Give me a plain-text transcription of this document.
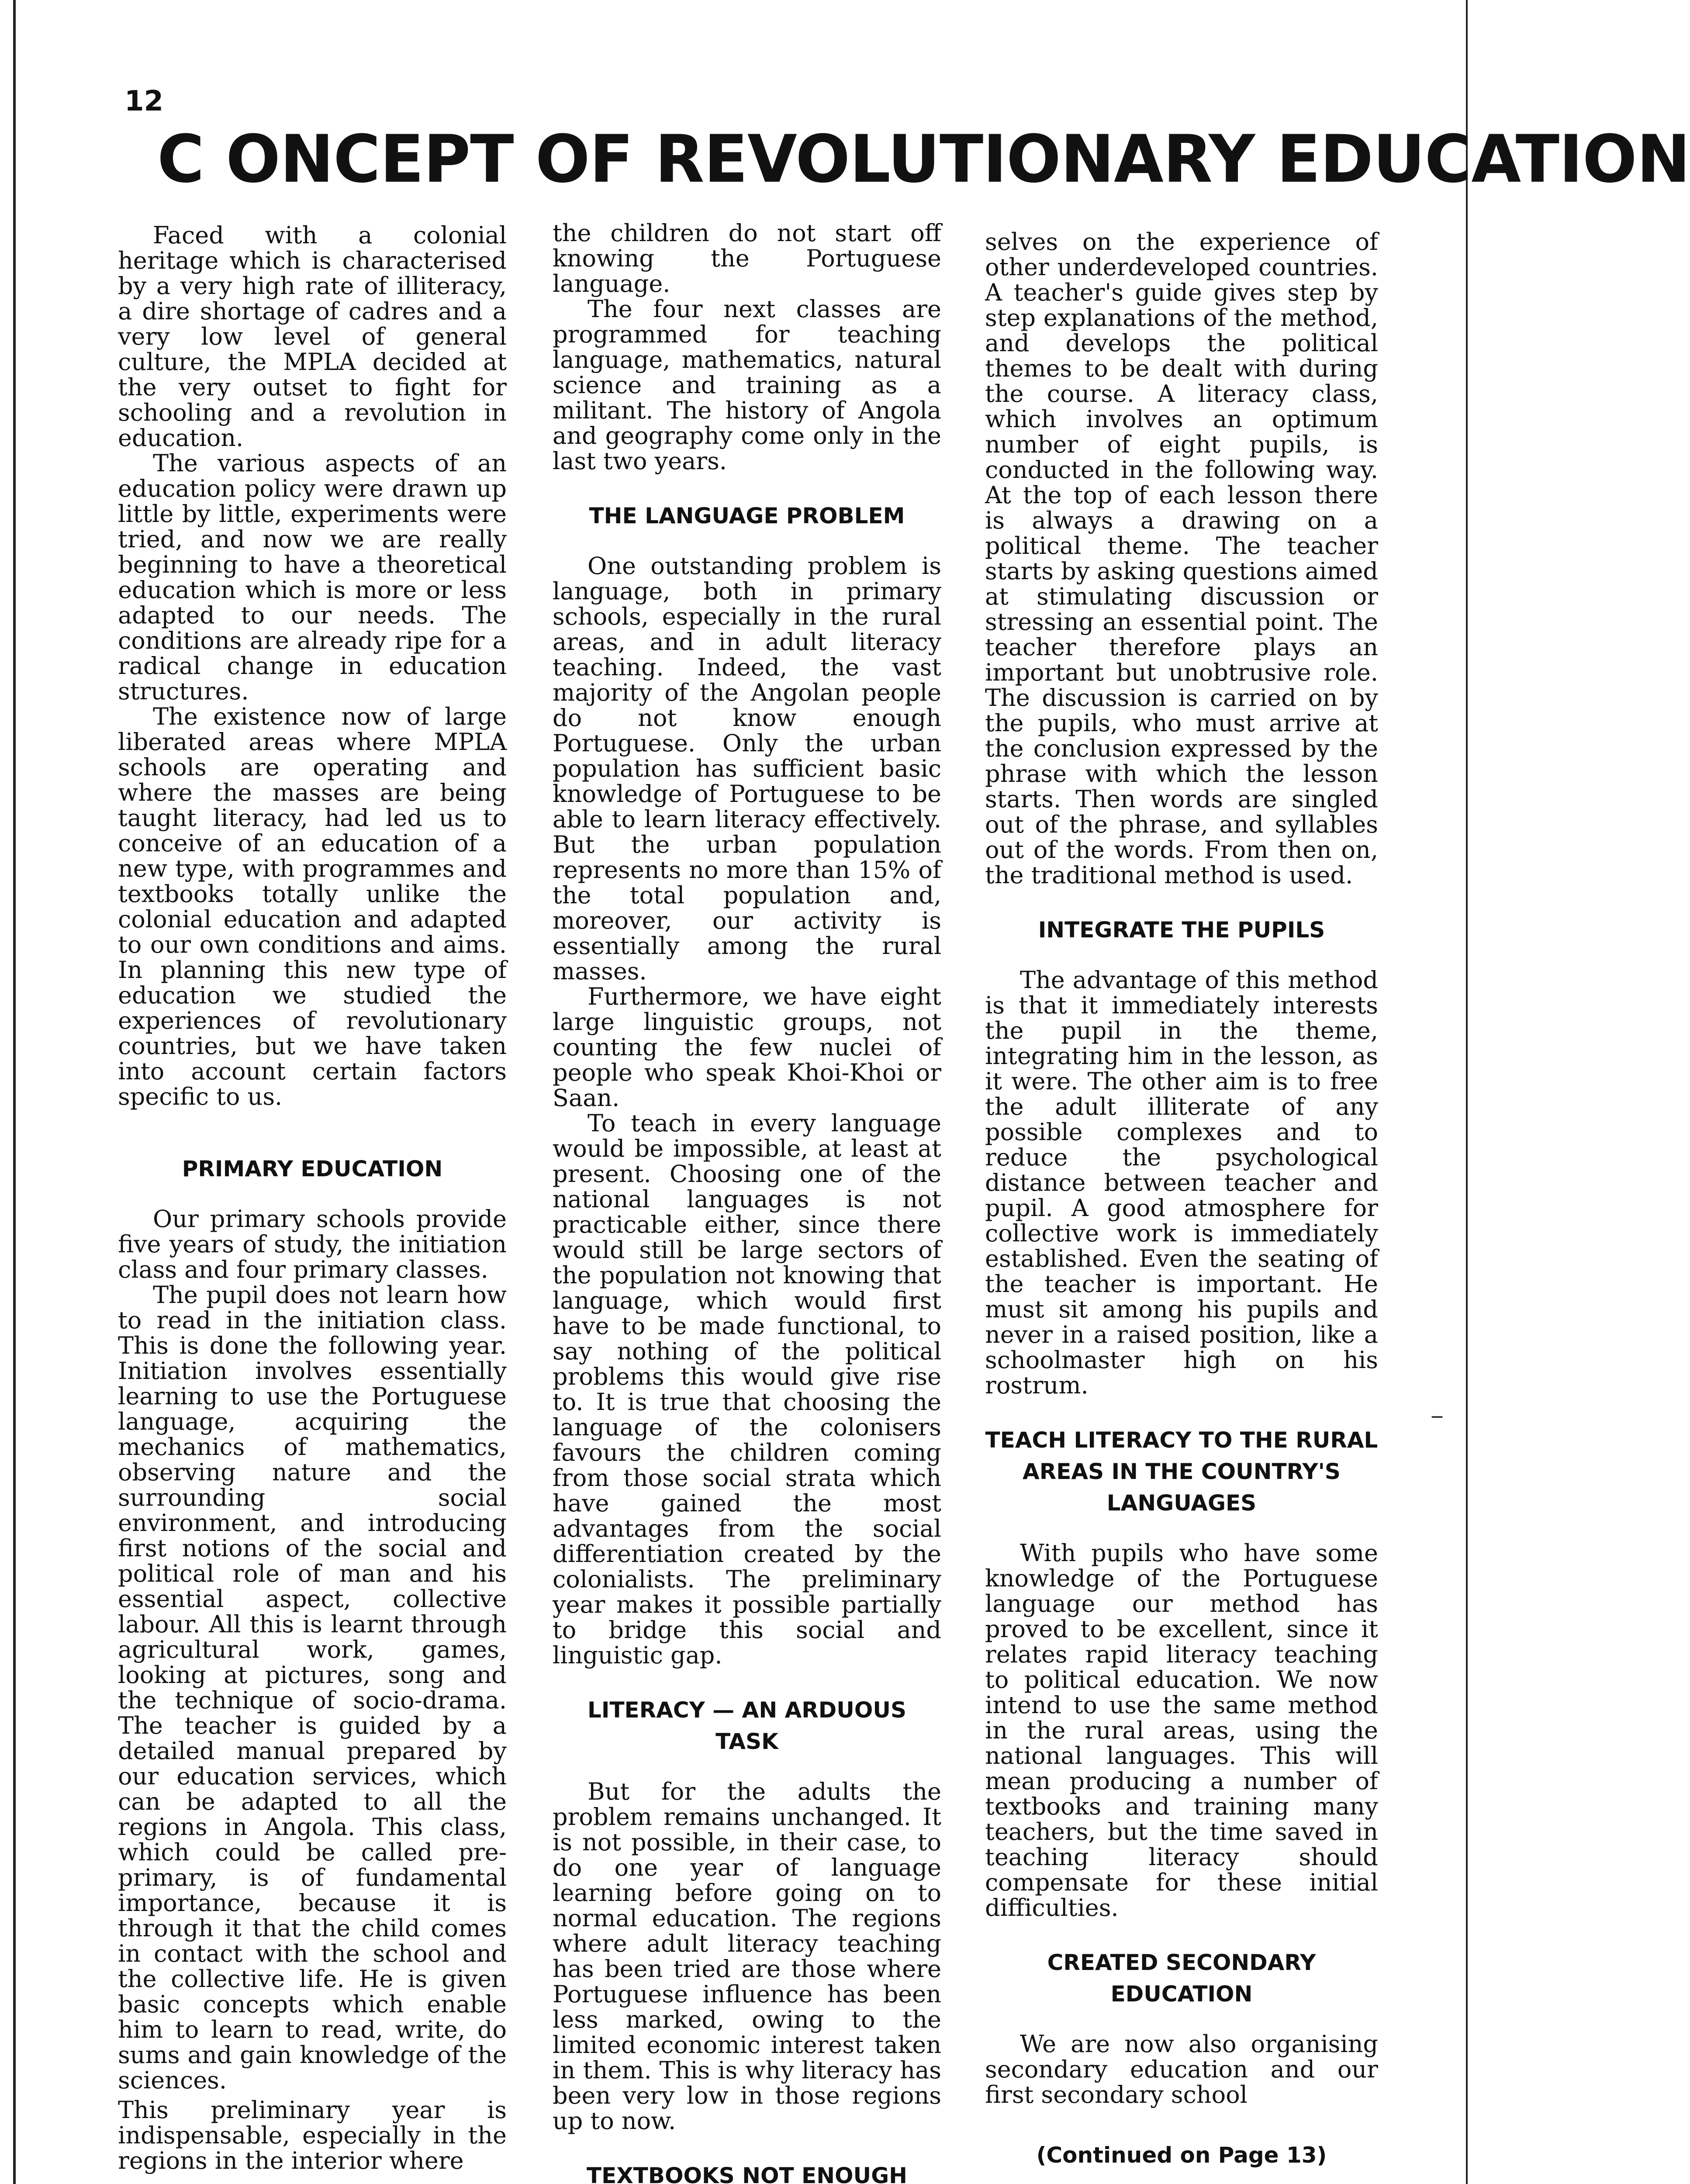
12
C ONCEPT OF REVOLUTIONARY EDUCATION

Faced with a colonial heritage which is characterised by a very high rate of illiteracy, a dire shortage of cadres and a very low level of general culture, the MPLA decided at the very outset to fight for schooling and a revolution in education.

The various aspects of an education policy were drawn up little by little, experiments were tried, and now we are really beginning to have a theoretical education which is more or less adapted to our needs. The conditions are already ripe for a radical change in education structures.

The existence now of large liberated areas where MPLA schools are operating and where the masses are being taught literacy, had led us to conceive of an education of a new type, with programmes and textbooks totally unlike the colonial education and adapted to our own conditions and aims. In planning this new type of education we studied the experiences of revolutionary countries, but we have taken into account certain factors specific to us.

PRIMARY EDUCATION

Our primary schools provide five years of study, the initiation class and four primary classes.

The pupil does not learn how to read in the initiation class. This is done the following year. Initiation involves essentially learning to use the Portuguese language, acquiring the mechanics of mathematics, observing nature and the surrounding social environment, and introducing first notions of the social and political role of man and his essential aspect, collective labour. All this is learnt through agricultural work, games, looking at pictures, song and the technique of socio-drama. The teacher is guided by a detailed manual prepared by our education services, which can be adapted to all the regions in Angola. This class, which could be called pre-primary, is of fundamental importance, because it is through it that the child comes in contact with the school and the collective life. He is given basic concepts which enable him to learn to read, write, do sums and gain knowledge of the sciences.

This preliminary year is indispensable, especially in the regions in the interior where

the children do not start off knowing the Portuguese language.

The four next classes are programmed for teaching language, mathematics, natural science and training as a militant. The history of Angola and geography come only in the last two years.

THE LANGUAGE PROBLEM

One outstanding problem is language, both in primary schools, especially in the rural areas, and in adult literacy teaching. Indeed, the vast majority of the Angolan people do not know enough Portuguese. Only the urban population has sufficient basic knowledge of Portuguese to be able to learn literacy effectively. But the urban population represents no more than 15% of the total population and, moreover, our activity is essentially among the rural masses.

Furthermore, we have eight large linguistic groups, not counting the few nuclei of people who speak Khoi-Khoi or Saan.

To teach in every language would be impossible, at least at present. Choosing one of the national languages is not practicable either, since there would still be large sectors of the population not knowing that language, which would first have to be made functional, to say nothing of the political problems this would give rise to. It is true that choosing the language of the colonisers favours the children coming from those social strata which have gained the most advantages from the social differentiation created by the colonialists. The preliminary year makes it possible partially to bridge this social and linguistic gap.

LITERACY — AN ARDUOUS TASK

But for the adults the problem remains unchanged. It is not possible, in their case, to do one year of language learning before going on to normal education. The regions where adult literacy teaching has been tried are those where Portuguese influence has been less marked, owing to the limited economic interest taken in them. This is why literacy has been very low in those regions up to now.

TEXTBOOKS NOT ENOUGH

selves on the experience of other underdeveloped countries. A teacher's guide gives step by step explanations of the method, and develops the political themes to be dealt with during the course. A literacy class, which involves an optimum number of eight pupils, is conducted in the following way. At the top of each lesson there is always a drawing on a political theme. The teacher starts by asking questions aimed at stimulating discussion or stressing an essential point. The teacher therefore plays an important but unobtrusive role. The discussion is carried on by the pupils, who must arrive at the conclusion expressed by the phrase with which the lesson starts. Then words are singled out of the phrase, and syllables out of the words. From then on, the traditional method is used.

INTEGRATE THE PUPILS

The advantage of this method is that it immediately interests the pupil in the theme, integrating him in the lesson, as it were. The other aim is to free the adult illiterate of any possible complexes and to reduce the psychological distance between teacher and pupil. A good atmosphere for collective work is immediately established. Even the seating of the teacher is important. He must sit among his pupils and never in a raised position, like a schoolmaster high on his rostrum.

TEACH LITERACY TO THE RURAL AREAS IN THE COUNTRY'S LANGUAGES

With pupils who have some knowledge of the Portuguese language our method has proved to be excellent, since it relates rapid literacy teaching to political education. We now intend to use the same method in the rural areas, using the national languages. This will mean producing a number of textbooks and training many teachers, but the time saved in teaching literacy should compensate for these initial difficulties.

CREATED SECONDARY EDUCATION

We are now also organising secondary education and our first secondary school

(Continued on Page 13)
–
